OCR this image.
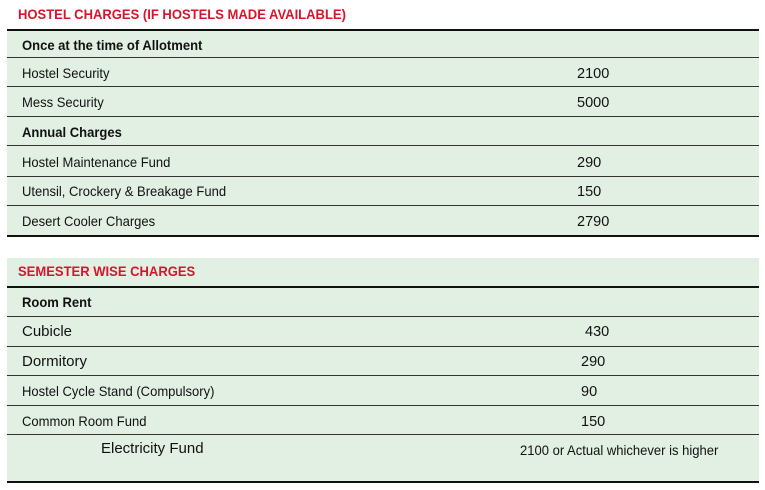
HOSTEL CHARGES (IF HOSTELS MADE AVAILABLE)
Once at the time of Allotment
Hostel Security	2100
Mess Security	5000
Annual Charges
Hostel Maintenance Fund	290
Utensil, Crockery & Breakage Fund	150
Desert Cooler Charges	2790
SEMESTER WISE CHARGES
Room Rent
Cubicle	430
Dormitory	290
Hostel Cycle Stand (Compulsory)	90
Common Room Fund	150
Electricity Fund	2100 or Actual whichever is higher
